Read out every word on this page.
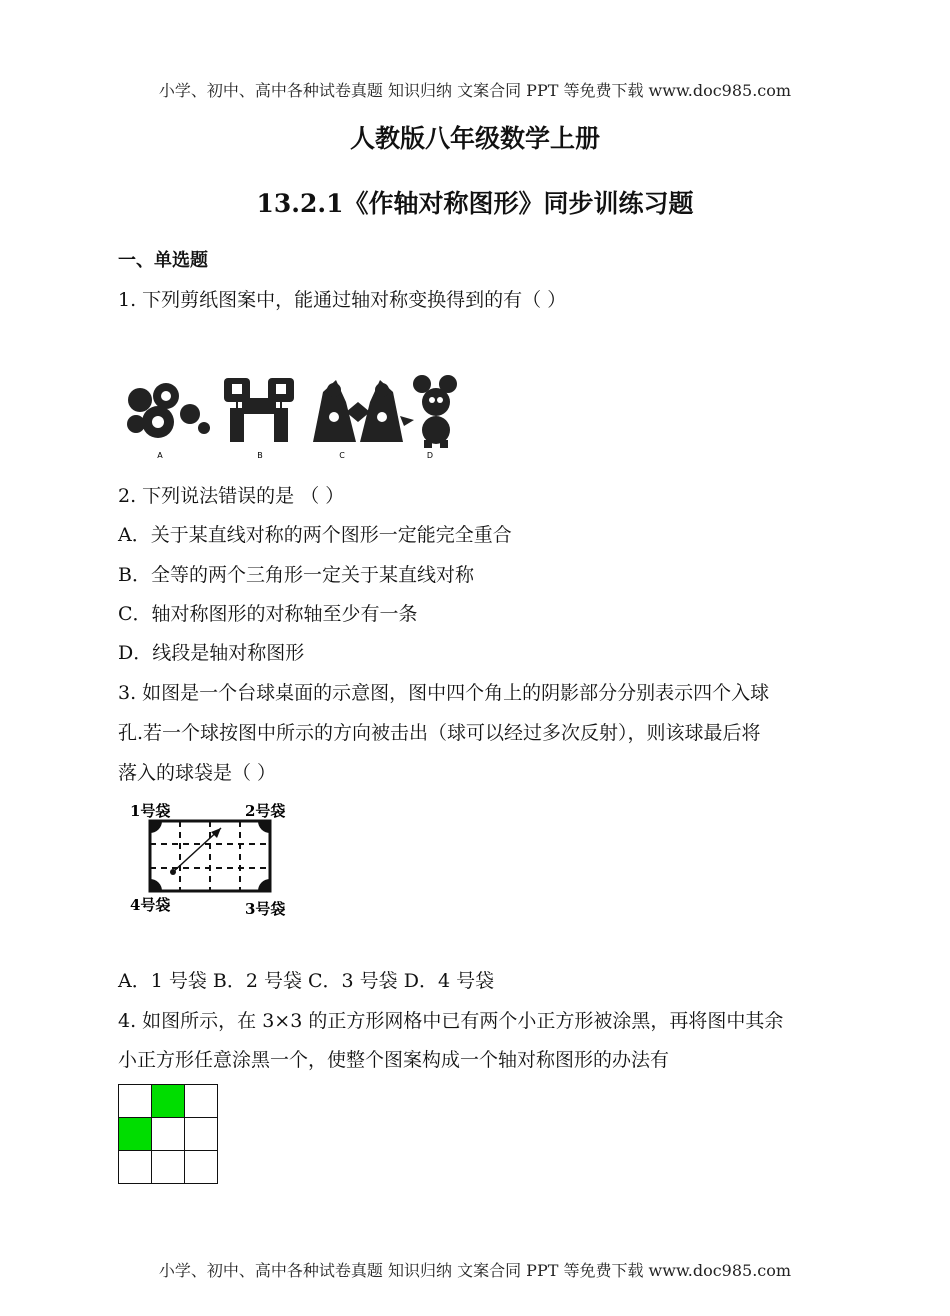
小学、初中、高中各种试卷真题 知识归纳 文案合同 PPT 等免费下载 www.doc985.com
人教版八年级数学上册
13.2.1《作轴对称图形》同步训练习题
一、单选题
1. 下列剪纸图案中，能通过轴对称变换得到的有（ ）
A	B	C	D
2. 下列说法错误的是 （ ）
A．关于某直线对称的两个图形一定能完全重合
B．全等的两个三角形一定关于某直线对称
C．轴对称图形的对称轴至少有一条
D．线段是轴对称图形
3. 如图是一个台球桌面的示意图，图中四个角上的阴影部分分别表示四个入球
孔.若一个球按图中所示的方向被击出（球可以经过多次反射），则该球最后将
落入的球袋是（ ）
1号袋	2号袋
4号袋	3号袋
A．1 号袋 B．2 号袋 C．3 号袋 D．4 号袋
4. 如图所示，在 3×3 的正方形网格中已有两个小正方形被涂黑，再将图中其余
小正方形任意涂黑一个，使整个图案构成一个轴对称图形的办法有
小学、初中、高中各种试卷真题 知识归纳 文案合同 PPT 等免费下载 www.doc985.com
